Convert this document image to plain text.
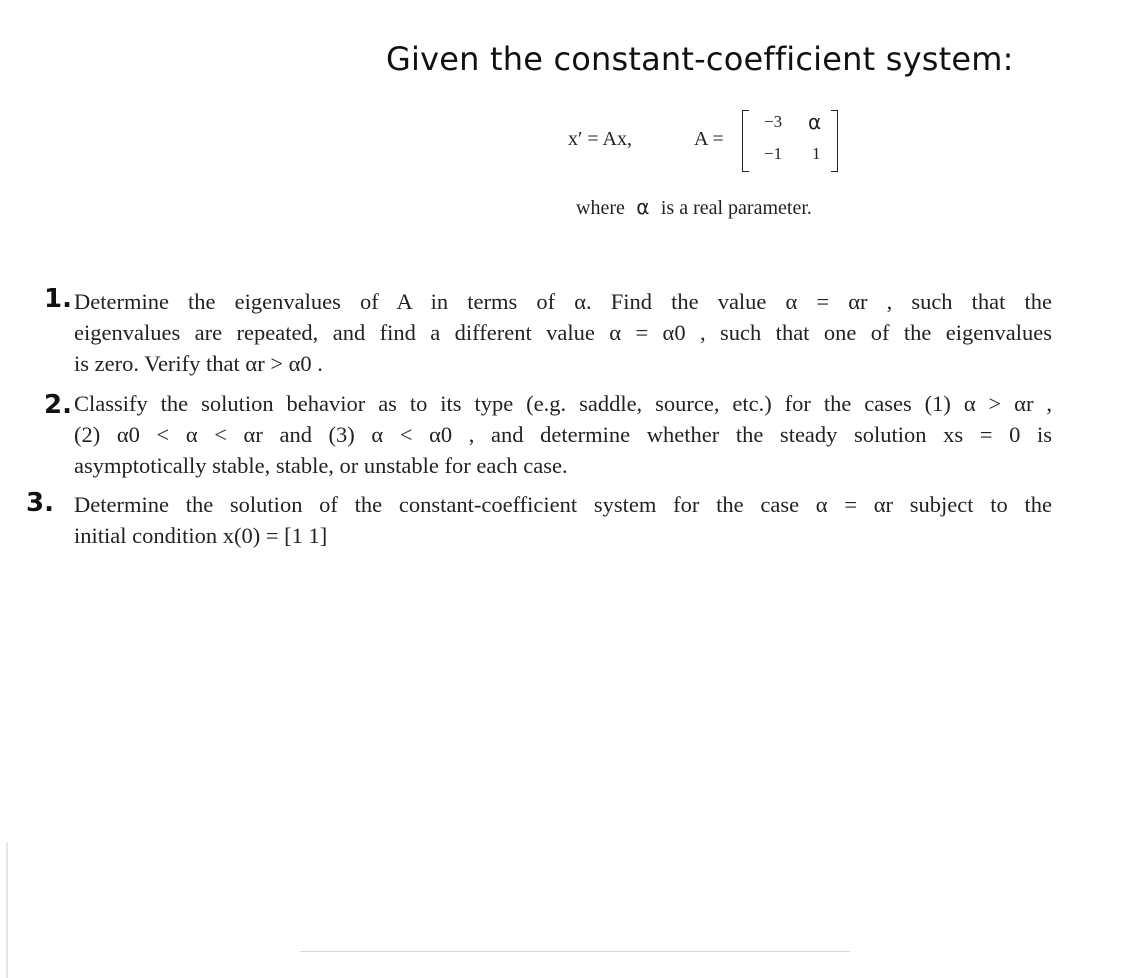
Given the constant-coefficient system:
x′ = Ax,	A =
−3 α
−1 1
where α is a real parameter.
1. Determine the eigenvalues of A in terms of α. Find the value α = αr , such that the
eigenvalues are repeated, and find a different value α = α0 , such that one of the eigenvalues
is zero. Verify that αr > α0 .
2. Classify the solution behavior as to its type (e.g. saddle, source, etc.) for the cases (1) α > αr ,
(2) α0 < α < αr and (3) α < α0 , and determine whether the steady solution xs = 0 is
asymptotically stable, stable, or unstable for each case.
3. Determine the solution of the constant-coefficient system for the case α = αr subject to the
initial condition x(0) = [1 1]
